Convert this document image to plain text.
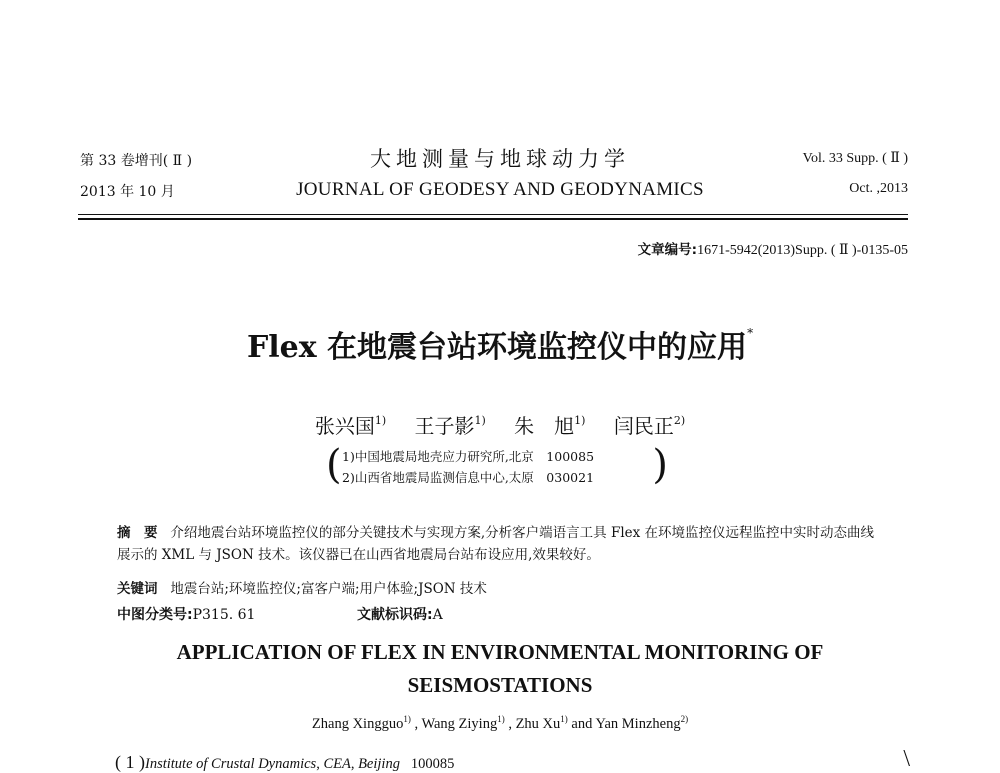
第 33 卷增刊( Ⅱ )
2013 年 10 月
大地测量与地球动力学
JOURNAL OF GEODESY AND GEODYNAMICS
Vol. 33 Supp. ( Ⅱ )
Oct. ,2013
文章编号:1671-5942(2013)Supp. ( Ⅱ )-0135-05
Flex 在地震台站环境监控仪中的应用*
张兴国$^{1)}$ 王子影$^{1)}$ 朱　旭$^{1)}$ 闫民正$^{2)}$
( 1)中国地震局地壳应力研究所,北京　100085
2)山西省地震局监测信息中心,太原　030021 )
摘　要 介绍地震台站环境监控仪的部分关键技术与实现方案,分析客户端语言工具 Flex 在环境监控仪远程监控中实时动态曲线展示的 XML 与 JSON 技术。该仪器已在山西省地震局台站布设应用,效果较好。
关键词 地震台站;环境监控仪;富客户端;用户体验;JSON 技术
中图分类号:P315. 61	文献标识码:A
APPLICATION OF FLEX IN ENVIRONMENTAL MONITORING OF
SEISMOSTATIONS
Zhang Xingguo$^{1)}$ , Wang Ziying$^{1)}$ , Zhu Xu$^{1)}$ and Yan Minzheng$^{2)}$
( 1 )Institute of Crustal Dynamics, CEA, Beijing 100085	\
